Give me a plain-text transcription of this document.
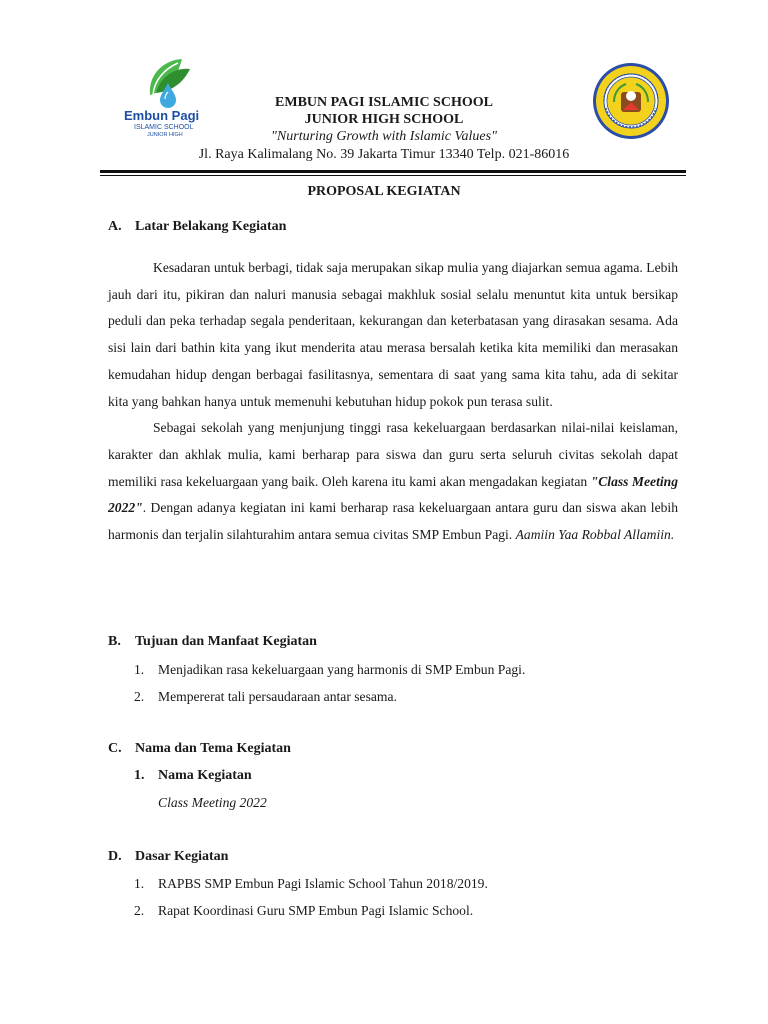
Embun Pagi
ISLAMIC SCHOOL
JUNIOR HIGH
EMBUN PAGI ISLAMIC SCHOOL
JUNIOR HIGH SCHOOL
"Nurturing Growth with Islamic Values"
Jl. Raya Kalimalang No. 39 Jakarta Timur 13340 Telp. 021-86016
PROPOSAL KEGIATAN
A. Latar Belakang Kegiatan

Kesadaran untuk berbagi, tidak saja merupakan sikap mulia yang diajarkan semua agama. Lebih jauh dari itu, pikiran dan naluri manusia sebagai makhluk sosial selalu menuntut kita untuk bersikap peduli dan peka terhadap segala penderitaan, kekurangan dan keterbatasan yang dirasakan sesama. Ada sisi lain dari bathin kita yang ikut menderita atau merasa bersalah ketika kita memiliki dan merasakan kemudahan hidup dengan berbagai fasilitasnya, sementara di saat yang sama kita tahu, ada di sekitar kita yang bahkan hanya untuk memenuhi kebutuhan hidup pokok pun terasa sulit.

Sebagai sekolah yang menjunjung tinggi rasa kekeluargaan berdasarkan nilai-nilai keislaman, karakter dan akhlak mulia, kami berharap para siswa dan guru serta seluruh civitas sekolah dapat memiliki rasa kekeluargaan yang baik. Oleh karena itu kami akan mengadakan kegiatan "Class Meeting 2022". Dengan adanya kegiatan ini kami berharap rasa kekeluargaan antara guru dan siswa akan lebih harmonis dan terjalin silahturahim antara semua civitas SMP Embun Pagi. Aamiin Yaa Robbal Allamiin.

B. Tujuan dan Manfaat Kegiatan
1. Menjadikan rasa kekeluargaan yang harmonis di SMP Embun Pagi.
2. Mempererat tali persaudaraan antar sesama.
C. Nama dan Tema Kegiatan
1. Nama Kegiatan
Class Meeting 2022
D. Dasar Kegiatan
1. RAPBS SMP Embun Pagi Islamic School Tahun 2018/2019.
2. Rapat Koordinasi Guru SMP Embun Pagi Islamic School.
